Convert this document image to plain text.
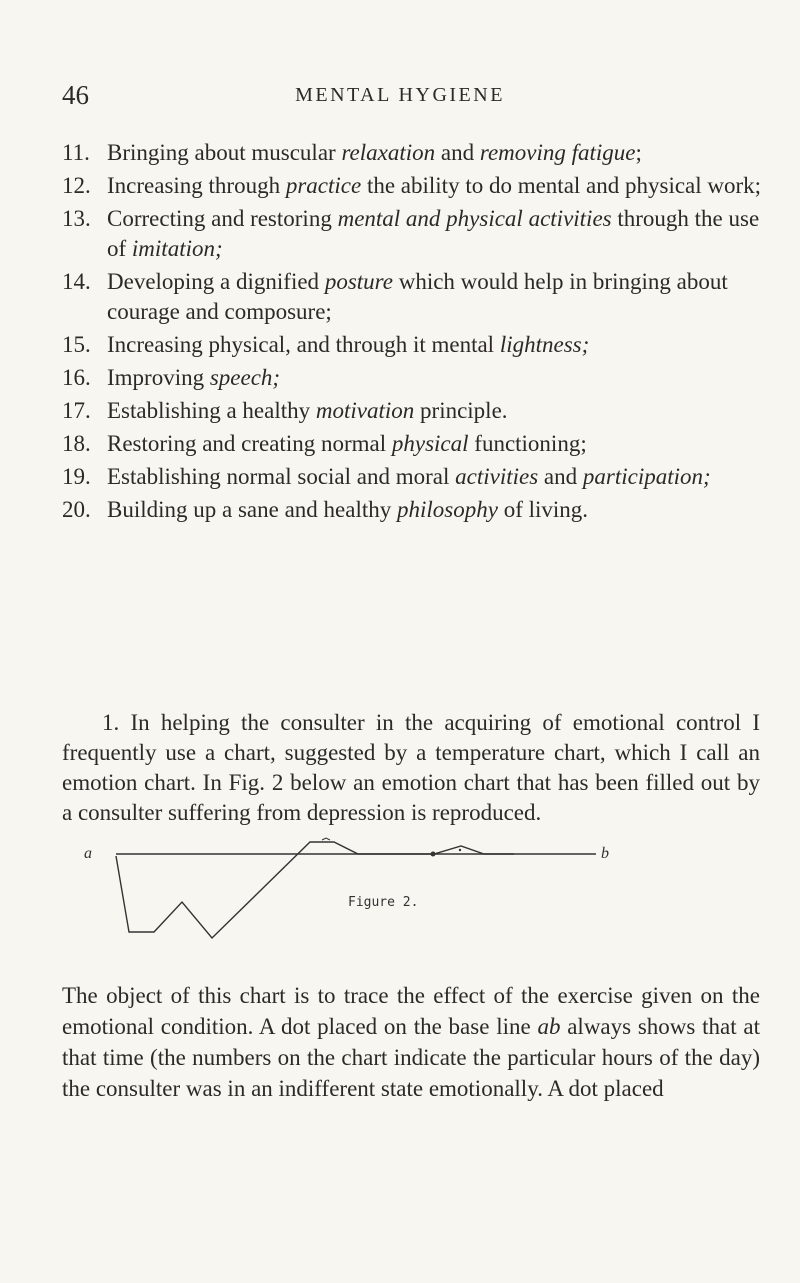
46	MENTAL HYGIENE
11. Bringing about muscular relaxation and removing fatigue;
12. Increasing through practice the ability to do mental and physical work;
13. Correcting and restoring mental and physical activities through the use of imitation;
14. Developing a dignified posture which would help in bringing about courage and composure;
15. Increasing physical, and through it mental lightness;
16. Improving speech;
17. Establishing a healthy motivation principle.
18. Restoring and creating normal physical functioning;
19. Establishing normal social and moral activities and participation;
20. Building up a sane and healthy philosophy of living.
1. In helping the consulter in the acquiring of emotional control I frequently use a chart, suggested by a temperature chart, which I call an emotion chart. In Fig. 2 below an emotion chart that has been filled out by a consulter suffering from depression is reproduced.
a	b
Figure 2.
The object of this chart is to trace the effect of the exercise given on the emotional condition. A dot placed on the base line ab always shows that at that time (the numbers on the chart indicate the particular hours of the day) the consulter was in an indifferent state emotionally. A dot placed
